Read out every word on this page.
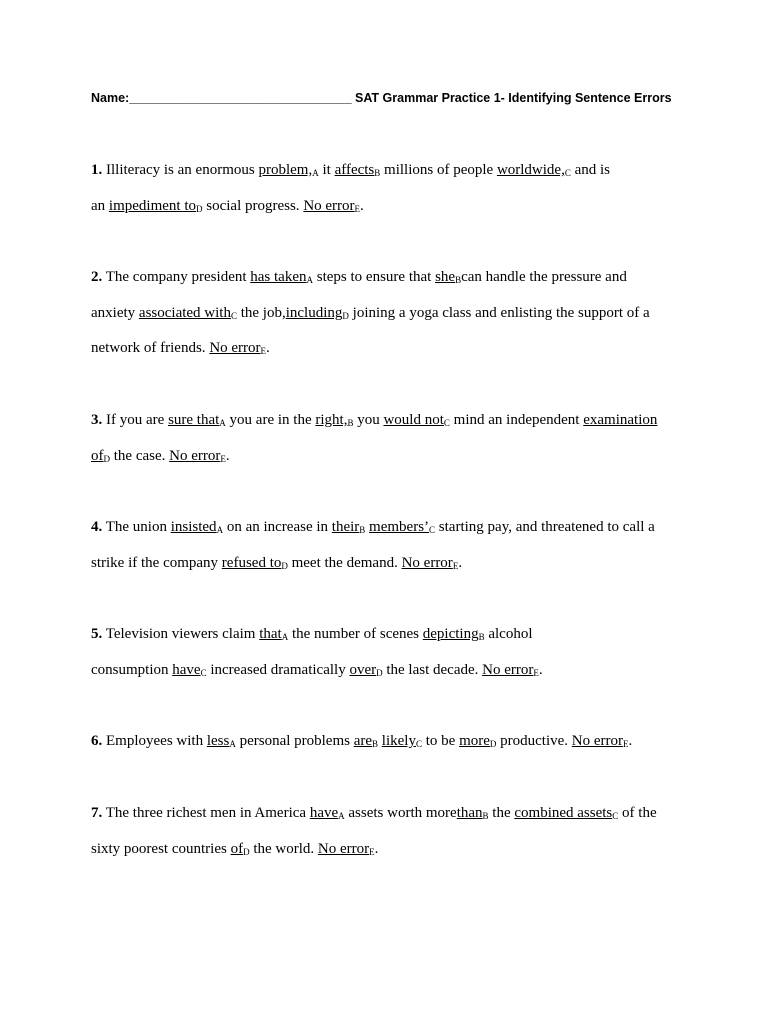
Name:________________________________ SAT Grammar Practice 1- Identifying Sentence Errors
1. Illiteracy is an enormous $problem,_A$ it affects$_B$ millions of people $worldwide,_C$ and is
an impediment $to_D$ social progress. No error$_E$.
2. The company president has taken$_A$ steps to ensure that she$_B$can handle the pressure and
anxiety associated with$_C$ the job,including$_D$ joining a yoga class and enlisting the support of a
network of friends. No error$_E$.
3. If you are sure that$_A$ you are in the $right,_B$ you would not$_C$ mind an independent examination
$of_D$ the case. No error$_E$.
4. The union insisted$_A$ on an increase in their$_B$ $members’_C$ starting pay, and threatened to call a
strike if the company refused $to_D$ meet the demand. No error$_E$.
5. Television viewers claim that$_A$ the number of scenes depicting$_B$ alcohol
consumption have$_C$ increased dramatically over$_D$ the last decade. No error$_E$.
6. Employees with less$_A$ personal problems are$_B$ likely$_C$ to be more$_D$ productive. No error$_E$.
7. The three richest men in America have$_A$ assets worth morethan$_B$ the combined assets$_C$ of the
sixty poorest countries $of_D$ the world. No error$_E$.
